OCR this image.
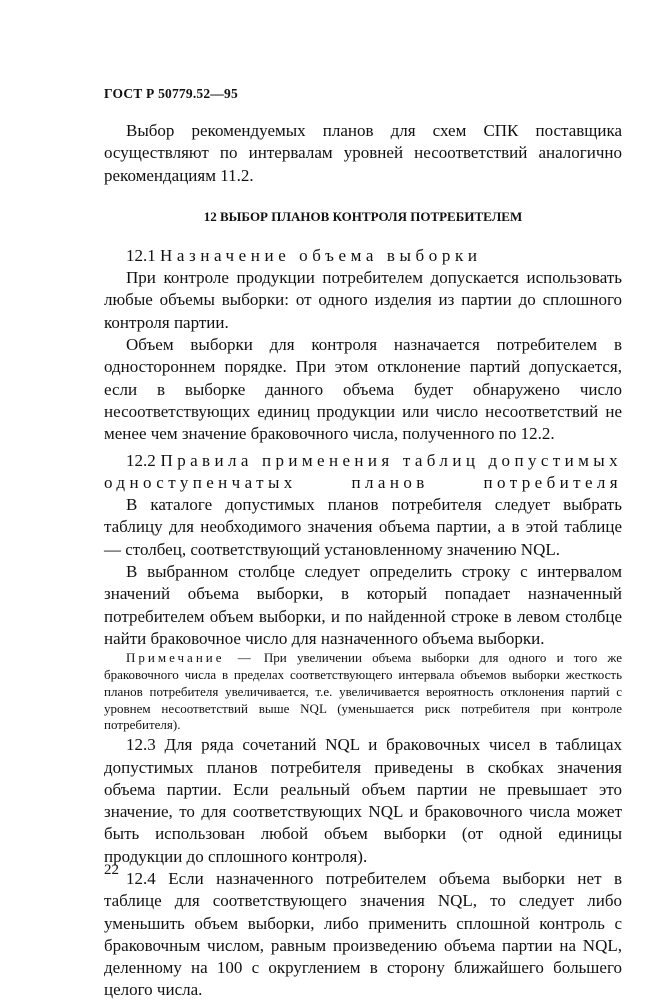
ГОСТ Р 50779.52—95

Выбор рекомендуемых планов для схем СПК поставщика осуществляют по интервалам уровней несоответствий аналогично рекомендациям 11.2.

12 ВЫБОР ПЛАНОВ КОНТРОЛЯ ПОТРЕБИТЕЛЕМ

12.1 Назначение объема выборки

При контроле продукции потребителем допускается использовать любые объемы выборки: от одного изделия из партии до сплошного контроля партии.

Объем выборки для контроля назначается потребителем в одностороннем порядке. При этом отклонение партий допускается, если в выборке данного объема будет обнаружено число несоответствующих единиц продукции или число несоответствий не менее чем значение браковочного числа, полученного по 12.2.

12.2 Правила применения таблиц допустимых одноступенчатых планов потребителя

В каталоге допустимых планов потребителя следует выбрать таблицу для необходимого значения объема партии, а в этой таблице — столбец, соответствующий установленному значению NQL.

В выбранном столбце следует определить строку с интервалом значений объема выборки, в который попадает назначенный потребителем объем выборки, и по найденной строке в левом столбце найти браковочное число для назначенного объема выборки.

Примечание — При увеличении объема выборки для одного и того же браковочного числа в пределах соответствующего интервала объемов выборки жесткость планов потребителя увеличивается, т.е. увеличивается вероятность отклонения партий с уровнем несоответствий выше NQL (уменьшается риск потребителя при контроле потребителя).

12.3 Для ряда сочетаний NQL и браковочных чисел в таблицах допустимых планов потребителя приведены в скобках значения объема партии. Если реальный объем партии не превышает это значение, то для соответствующих NQL и браковочного числа может быть использован любой объем выборки (от одной единицы продукции до сплошного контроля).

12.4 Если назначенного потребителем объема выборки нет в таблице для соответствующего значения NQL, то следует либо уменьшить объем выборки, либо применить сплошной контроль с браковочным числом, равным произведению объема партии на NQL, деленному на 100 с округлением в сторону ближайшего большего целого числа.

22
